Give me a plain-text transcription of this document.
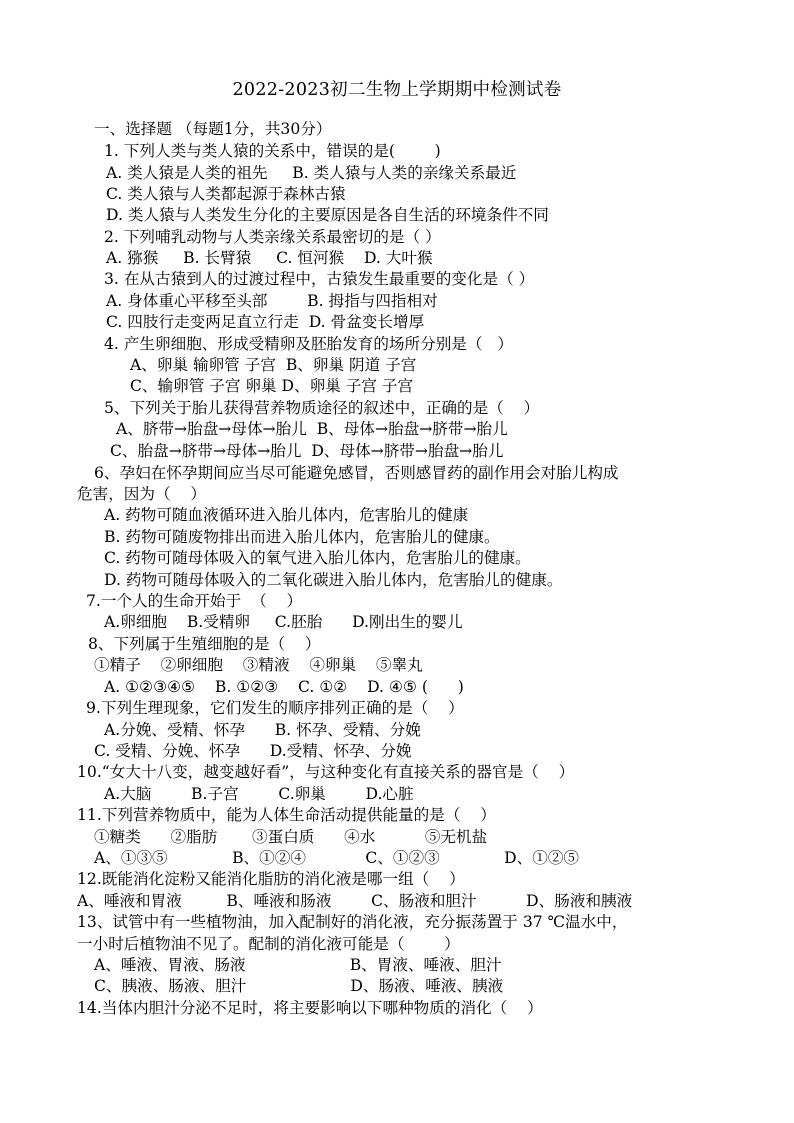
2022-2023初二生物上学期期中检测试卷
一、选择题 （每题1分，共30分）
1. 下列人类与类人猿的关系中，错误的是(        )
A. 类人猿是人类的祖先     B. 类人猿与人类的亲缘关系最近
C. 类人猿与人类都起源于森林古猿
D. 类人猿与人类发生分化的主要原因是各自生活的环境条件不同
2. 下列哺乳动物与人类亲缘关系最密切的是（ ）
A. 猕猴     B. 长臂猿     C. 恒河猴    D. 大叶猴
3. 在从古猿到人的过渡过程中，古猿发生最重要的变化是（ ）
A. 身体重心平移至头部        B. 拇指与四指相对
C. 四肢行走变两足直立行走  D. 骨盆变长增厚
4. 产生卵细胞、形成受精卵及胚胎发育的场所分别是（   ）
A、卵巢 输卵管 子宫  B、卵巢 阴道 子宫
C、输卵管 子宫 卵巢 D、卵巢 子宫 子宫
5、下列关于胎儿获得营养物质途径的叙述中，正确的是（    ）
A、脐带→胎盘→母体→胎儿  B、母体→胎盘→脐带→胎儿
C、胎盘→脐带→母体→胎儿  D、母体→脐带→胎盘→胎儿
6、孕妇在怀孕期间应当尽可能避免感冒，否则感冒药的副作用会对胎儿构成
危害，因为（    ）
A. 药物可随血液循环进入胎儿体内，危害胎儿的健康
B. 药物可随废物排出而进入胎儿体内，危害胎儿的健康。
C. 药物可随母体吸入的氧气进入胎儿体内，危害胎儿的健康。
D. 药物可随母体吸入的二氧化碳进入胎儿体内，危害胎儿的健康。
7.一个人的生命开始于  （    ）
A.卵细胞    B.受精卵     C.胚胎      D.刚出生的婴儿
8、下列属于生殖细胞的是（    ）
①精子    ②卵细胞    ③精液    ④卵巢    ⑤睾丸
A. ①②③④⑤    B. ①②③    C. ①②    D. ④⑤ (      )
9.下列生理现象，它们发生的顺序排列正确的是（    ）
A.分娩、受精、怀孕      B. 怀孕、受精、分娩
C. 受精、分娩、怀孕      D.受精、怀孕、分娩
10.“女大十八变，越变越好看”，与这种变化有直接关系的器官是（    ）
A.大脑        B.子宫        C.卵巢        D.心脏
11.下列营养物质中，能为人体生命活动提供能量的是（    ）
①糖类      ②脂肪       ③蛋白质      ④水          ⑤无机盐
A、①③⑤             B、①②④            C、①②③             D、①②⑤
12.既能消化淀粉又能消化脂肪的消化液是哪一组（    ）
A、唾液和胃液         B、唾液和肠液        C、肠液和胆汁          D、肠液和胰液
13、试管中有一些植物油，加入配制好的消化液，充分振荡置于 37 ℃温水中，
一小时后植物油不见了。配制的消化液可能是（        ）
A、唾液、胃液、肠液                     B、胃液、唾液、胆汁
C、胰液、肠液、胆汁                     D、肠液、唾液、胰液
14.当体内胆汁分泌不足时，将主要影响以下哪种物质的消化（    ）
